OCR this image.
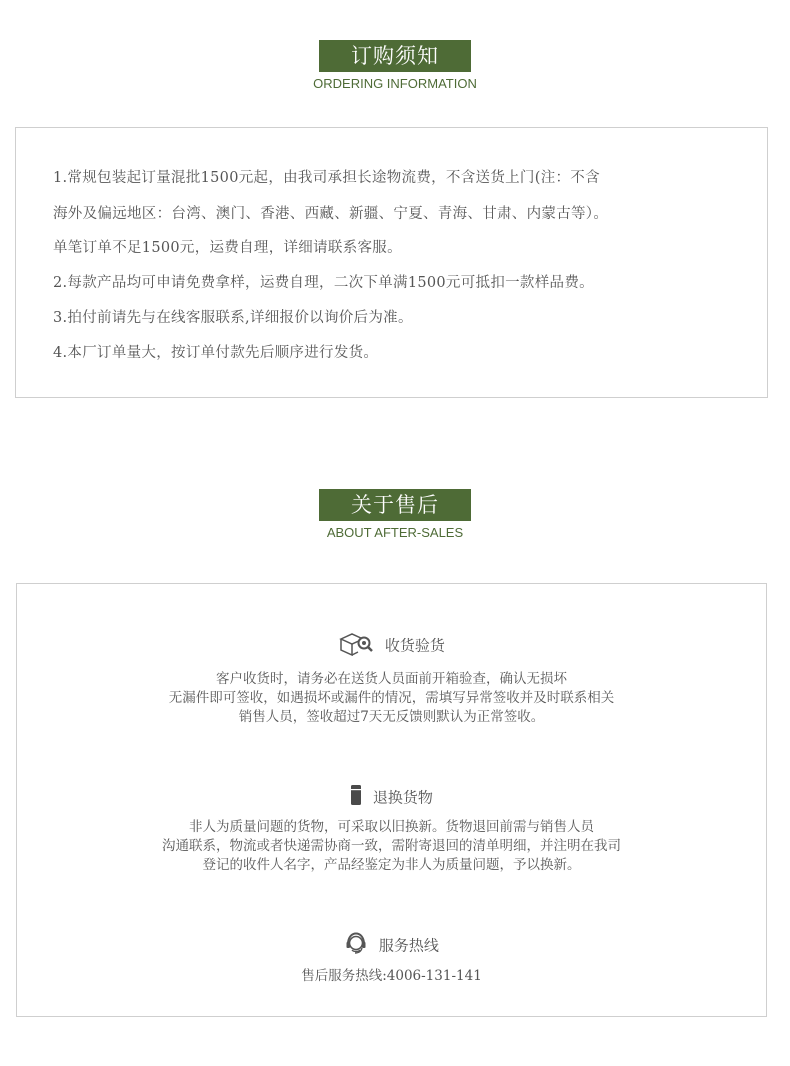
订购须知
ORDERING INFORMATION
1.常规包装起订量混批1500元起，由我司承担长途物流费，不含送货上门(注：不含
海外及偏远地区：台湾、澳门、香港、西藏、新疆、宁夏、青海、甘肃、内蒙古等）。
单笔订单不足1500元，运费自理，详细请联系客服。
2.每款产品均可申请免费拿样，运费自理，二次下单满1500元可抵扣一款样品费。
3.拍付前请先与在线客服联系,详细报价以询价后为准。
4.本厂订单量大，按订单付款先后顺序进行发货。
关于售后
ABOUT AFTER-SALES
收货验货
客户收货时，请务必在送货人员面前开箱验查，确认无损坏
无漏件即可签收，如遇损坏或漏件的情况，需填写异常签收并及时联系相关
销售人员，签收超过7天无反馈则默认为正常签收。
退换货物
非人为质量问题的货物，可采取以旧换新。货物退回前需与销售人员
沟通联系，物流或者快递需协商一致，需附寄退回的清单明细，并注明在我司
登记的收件人名字，产品经鉴定为非人为质量问题，予以换新。
服务热线
售后服务热线:4006-131-141
